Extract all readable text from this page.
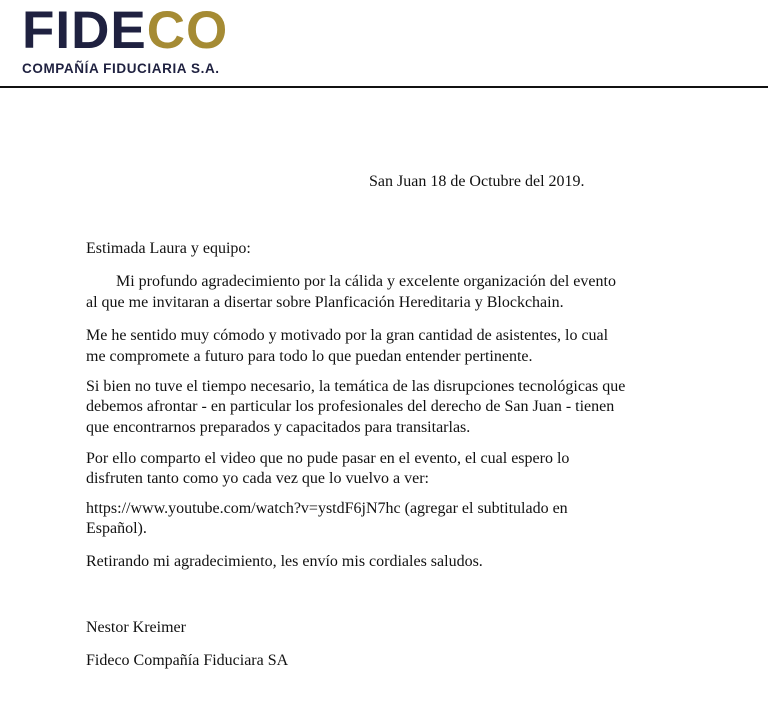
FIDECO
COMPAÑÍA FIDUCIARIA S.A.

San Juan 18 de Octubre del 2019.

Estimada Laura y equipo:

Mi profundo agradecimiento por la cálida y excelente organización del evento

al que me invitaran a disertar sobre Planficación Hereditaria y Blockchain.

Me he sentido muy cómodo y motivado por la gran cantidad de asistentes, lo cual

me compromete a futuro para todo lo que puedan entender pertinente.

Si bien no tuve el tiempo necesario, la temática de las disrupciones tecnológicas que

debemos afrontar - en particular los profesionales del derecho de San Juan - tienen

que encontrarnos preparados y capacitados para transitarlas.

Por ello comparto el video que no pude pasar en el evento, el cual espero lo

disfruten tanto como yo cada vez que lo vuelvo a ver:

https://www.youtube.com/watch?v=ystdF6jN7hc (agregar el subtitulado en

Español).

Retirando mi agradecimiento, les envío mis cordiales saludos.

Nestor Kreimer

Fideco Compañía Fiduciara SA
